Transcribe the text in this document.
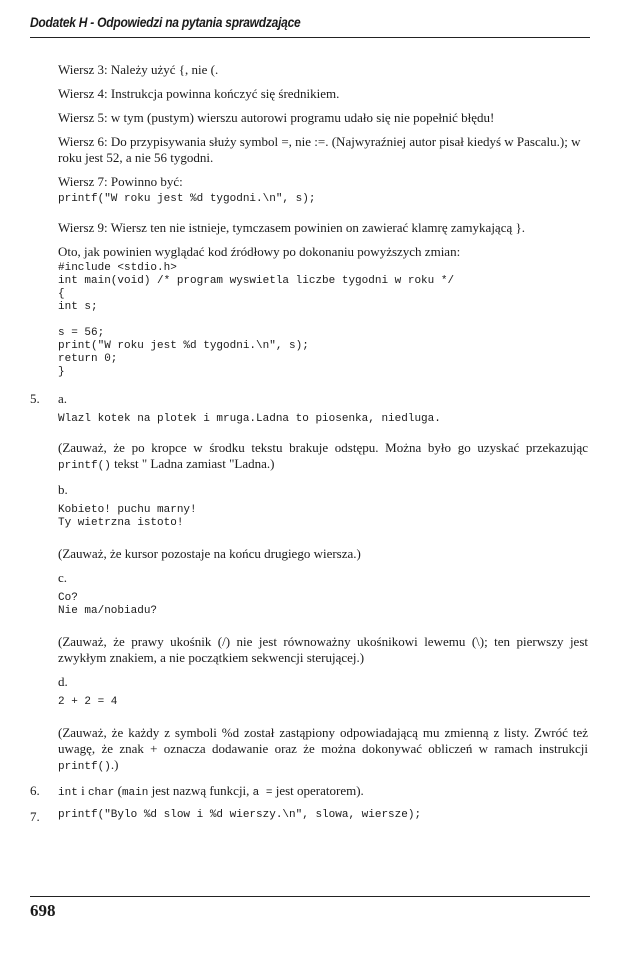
Dodatek H - Odpowiedzi na pytania sprawdzające

Wiersz 3: Należy użyć {, nie (.

Wiersz 4: Instrukcja powinna kończyć się średnikiem.

Wiersz 5: w tym (pustym) wierszu autorowi programu udało się nie popełnić błędu!

Wiersz 6: Do przypisywania służy symbol =, nie :=. (Najwyraźniej autor pisał kiedyś w Pascalu.); w roku jest 52, a nie 56 tygodni.

Wiersz 7: Powinno być:

printf("W roku jest %d tygodni.\n", s);

Wiersz 9: Wiersz ten nie istnieje, tymczasem powinien on zawierać klamrę zamykającą }.

Oto, jak powinien wyglądać kod źródłowy po dokonaniu powyższych zmian:

#include <stdio.h>
int main(void) /* program wyswietla liczbe tygodni w roku */
{
int s;

s = 56;
print("W roku jest %d tygodni.\n", s);
return 0;
}
5. a.

Wlazl kotek na plotek i mruga.Ladna to piosenka, niedluga.

(Zauważ, że po kropce w środku tekstu brakuje odstępu. Można było go uzyskać przekazując printf() tekst " Ladna zamiast "Ladna.)

b.

Kobieto! puchu marny!
Ty wietrzna istoto!

(Zauważ, że kursor pozostaje na końcu drugiego wiersza.)

c.

Co?
Nie ma/nobiadu?

(Zauważ, że prawy ukośnik (/) nie jest równoważny ukośnikowi lewemu (\); ten pierwszy jest zwykłym znakiem, a nie początkiem sekwencji sterującej.)

d.

2 + 2 = 4

(Zauważ, że każdy z symboli %d został zastąpiony odpowiadającą mu zmienną z listy. Zwróć też uwagę, że znak + oznacza dodawanie oraz że można dokonywać obliczeń w ramach instrukcji printf().)

6. int i char (main jest nazwą funkcji, a = jest operatorem).

7. printf("Bylo %d slow i %d wierszy.\n", slowa, wiersze);
698
